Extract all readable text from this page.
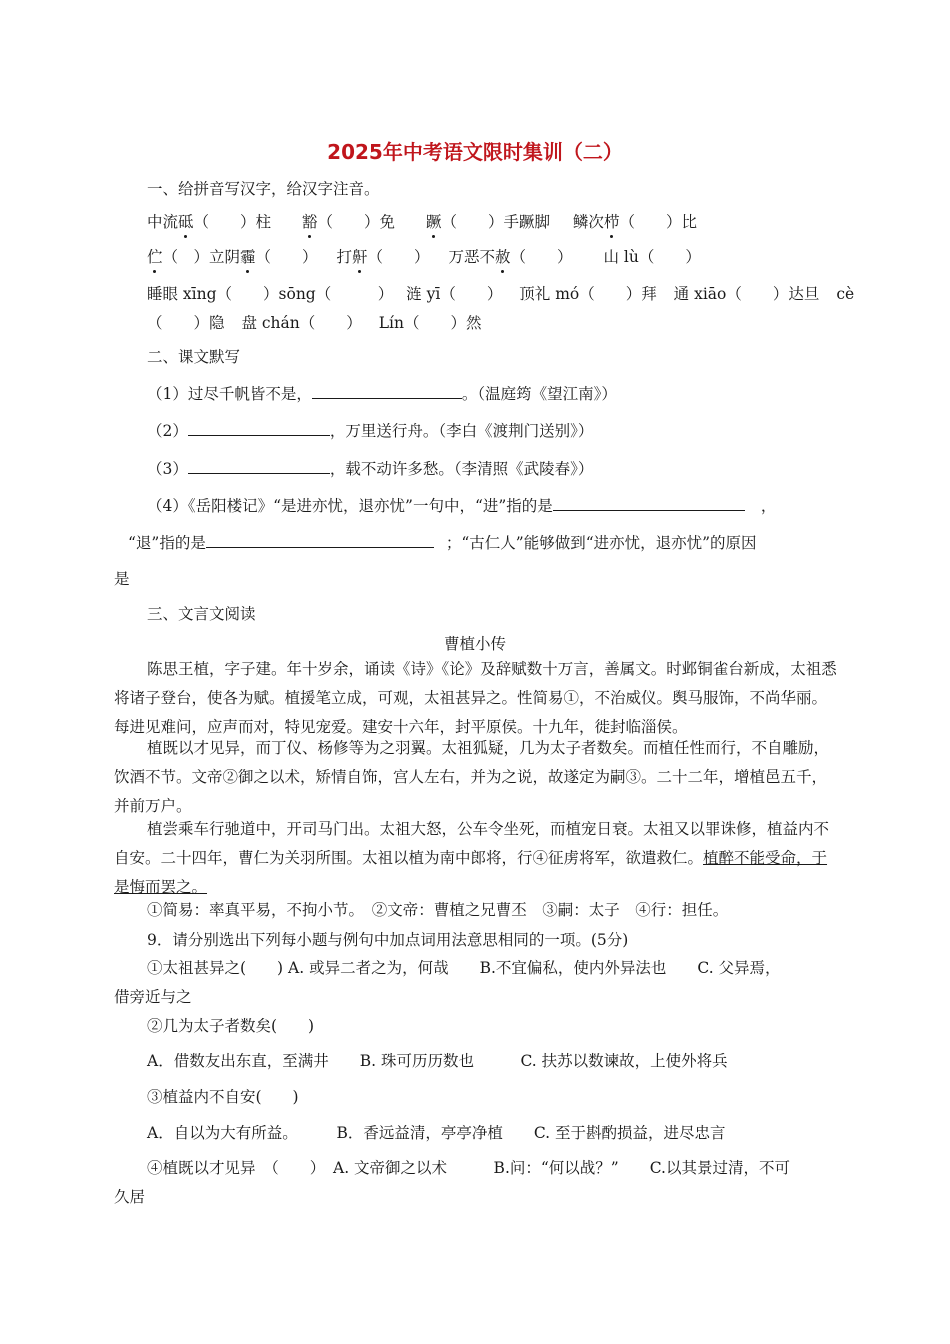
2025年中考语文限时集训（二）
一、给拼音写汉字，给汉字注音。
中流砥（　　）柱 豁（　　）免 蹶（　　）手蹶脚 鳞次栉（　　）比
伫（　）立阴霾（　　） 打鼾（　　） 万恶不赦（　　） 山 lù（　　）
睡眼 xīng（　　）sōng（　　　） 涟 yī（　　） 顶礼 mó（　　）拜 通 xiāo（　　）达旦 cè
（　　）隐 盘 chán（　　） Lín（　　）然
二、课文默写
（1）过尽千帆皆不是，	。（温庭筠《望江南》）
（2）	，万里送行舟。（李白《渡荆门送别》）
（3）	，载不动许多愁。（李清照《武陵春》）
（4）《岳阳楼记》“是进亦忧，退亦忧”一句中，“进”指的是	，
“退”指的是	；“古仁人”能够做到“进亦忧，退亦忧”的原因
是
三、文言文阅读
曹植小传

陈思王植，字子建。年十岁余，诵读《诗》《论》及辞赋数十万言，善属文。时邺铜雀台新成，太祖悉将诸子登台，使各为赋。植援笔立成，可观，太祖甚异之。性简易①，不治威仪。舆马服饰，不尚华丽。每进见难问，应声而对，特见宠爱。建安十六年，封平原侯。十九年，徙封临淄侯。

植既以才见异，而丁仪、杨修等为之羽翼。太祖狐疑，几为太子者数矣。而植任性而行，不自雕励，饮酒不节。文帝②御之以术，矫情自饰，宫人左右，并为之说，故遂定为嗣③。二十二年，增植邑五千，并前万户。

植尝乘车行驰道中，开司马门出。太祖大怒，公车令坐死，而植宠日衰。太祖又以罪诛修，植益内不自安。二十四年，曹仁为关羽所围。太祖以植为南中郎将，行④征虏将军，欲遣救仁。植醉不能受命，于是悔而罢之。

①简易：率真平易，不拘小节。　②文帝：曹植之兄曹丕　③嗣：太子　④行：担任。
9．请分别选出下列每小题与例句中加点词用法意思相同的一项。(5分)
①太祖甚异之(　　) A. 或异二者之为，何哉　　B.不宜偏私，使内外异法也　　C. 父异焉，
借旁近与之
②几为太子者数矣(　　)
A．借数友出东直，至满井　　B. 珠可历历数也　　　C. 扶苏以数谏故，上使外将兵
③植益内不自安(　　)
A．自以为大有所益。　　　B．香远益清，亭亭净植　　C. 至于斟酌损益，进尽忠言
④植既以才见异　（　　）　A. 文帝御之以术　　　B.问：“何以战？”　　C.以其景过清，不可
久居
